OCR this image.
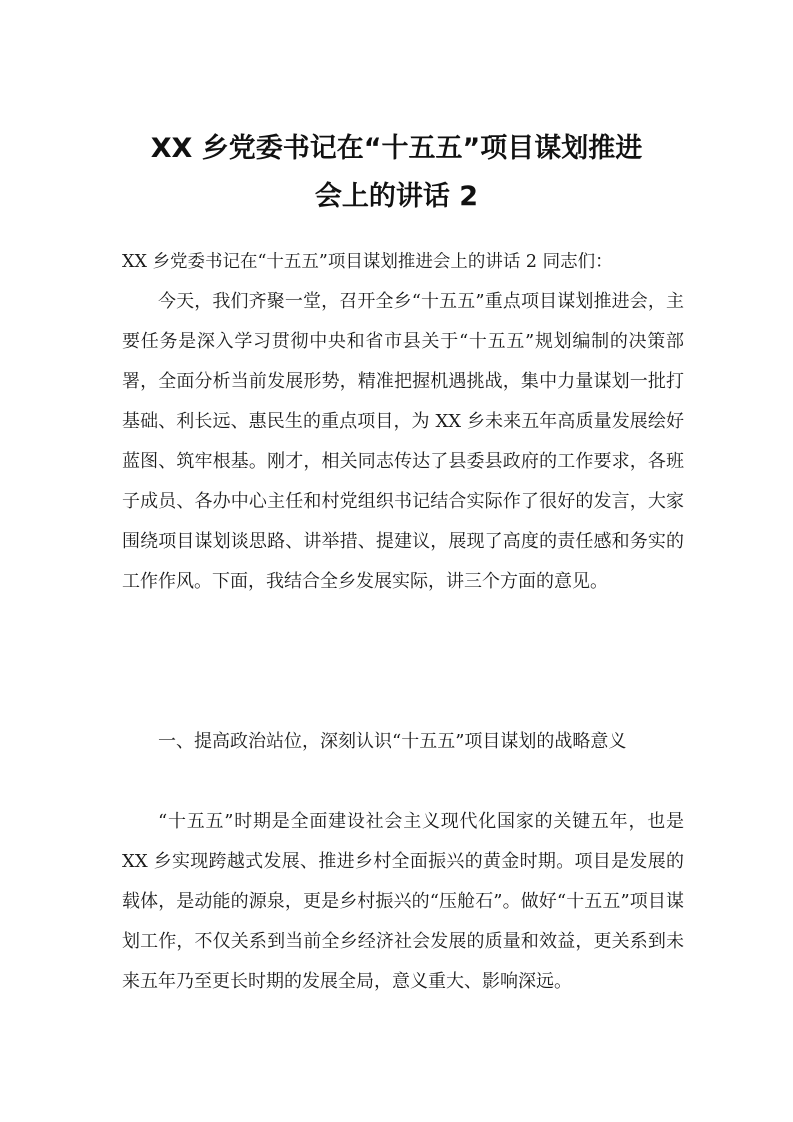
XX 乡党委书记在“十五五”项目谋划推进
会上的讲话 2
XX 乡党委书记在“十五五”项目谋划推进会上的讲话 2 同志们：
今天，我们齐聚一堂，召开全乡“十五五”重点项目谋划推进会，主要任务是深入学习贯彻中央和省市县关于“十五五”规划编制的决策部署，全面分析当前发展形势，精准把握机遇挑战，集中力量谋划一批打基础、利长远、惠民生的重点项目，为 XX 乡未来五年高质量发展绘好蓝图、筑牢根基。刚才，相关同志传达了县委县政府的工作要求，各班子成员、各办中心主任和村党组织书记结合实际作了很好的发言，大家围绕项目谋划谈思路、讲举措、提建议，展现了高度的责任感和务实的工作作风。下面，我结合全乡发展实际，讲三个方面的意见。
一、提高政治站位，深刻认识“十五五”项目谋划的战略意义
“十五五”时期是全面建设社会主义现代化国家的关键五年，也是 XX 乡实现跨越式发展、推进乡村全面振兴的黄金时期。项目是发展的载体，是动能的源泉，更是乡村振兴的“压舱石”。做好“十五五”项目谋划工作，不仅关系到当前全乡经济社会发展的质量和效益，更关系到未来五年乃至更长时期的发展全局，意义重大、影响深远。
